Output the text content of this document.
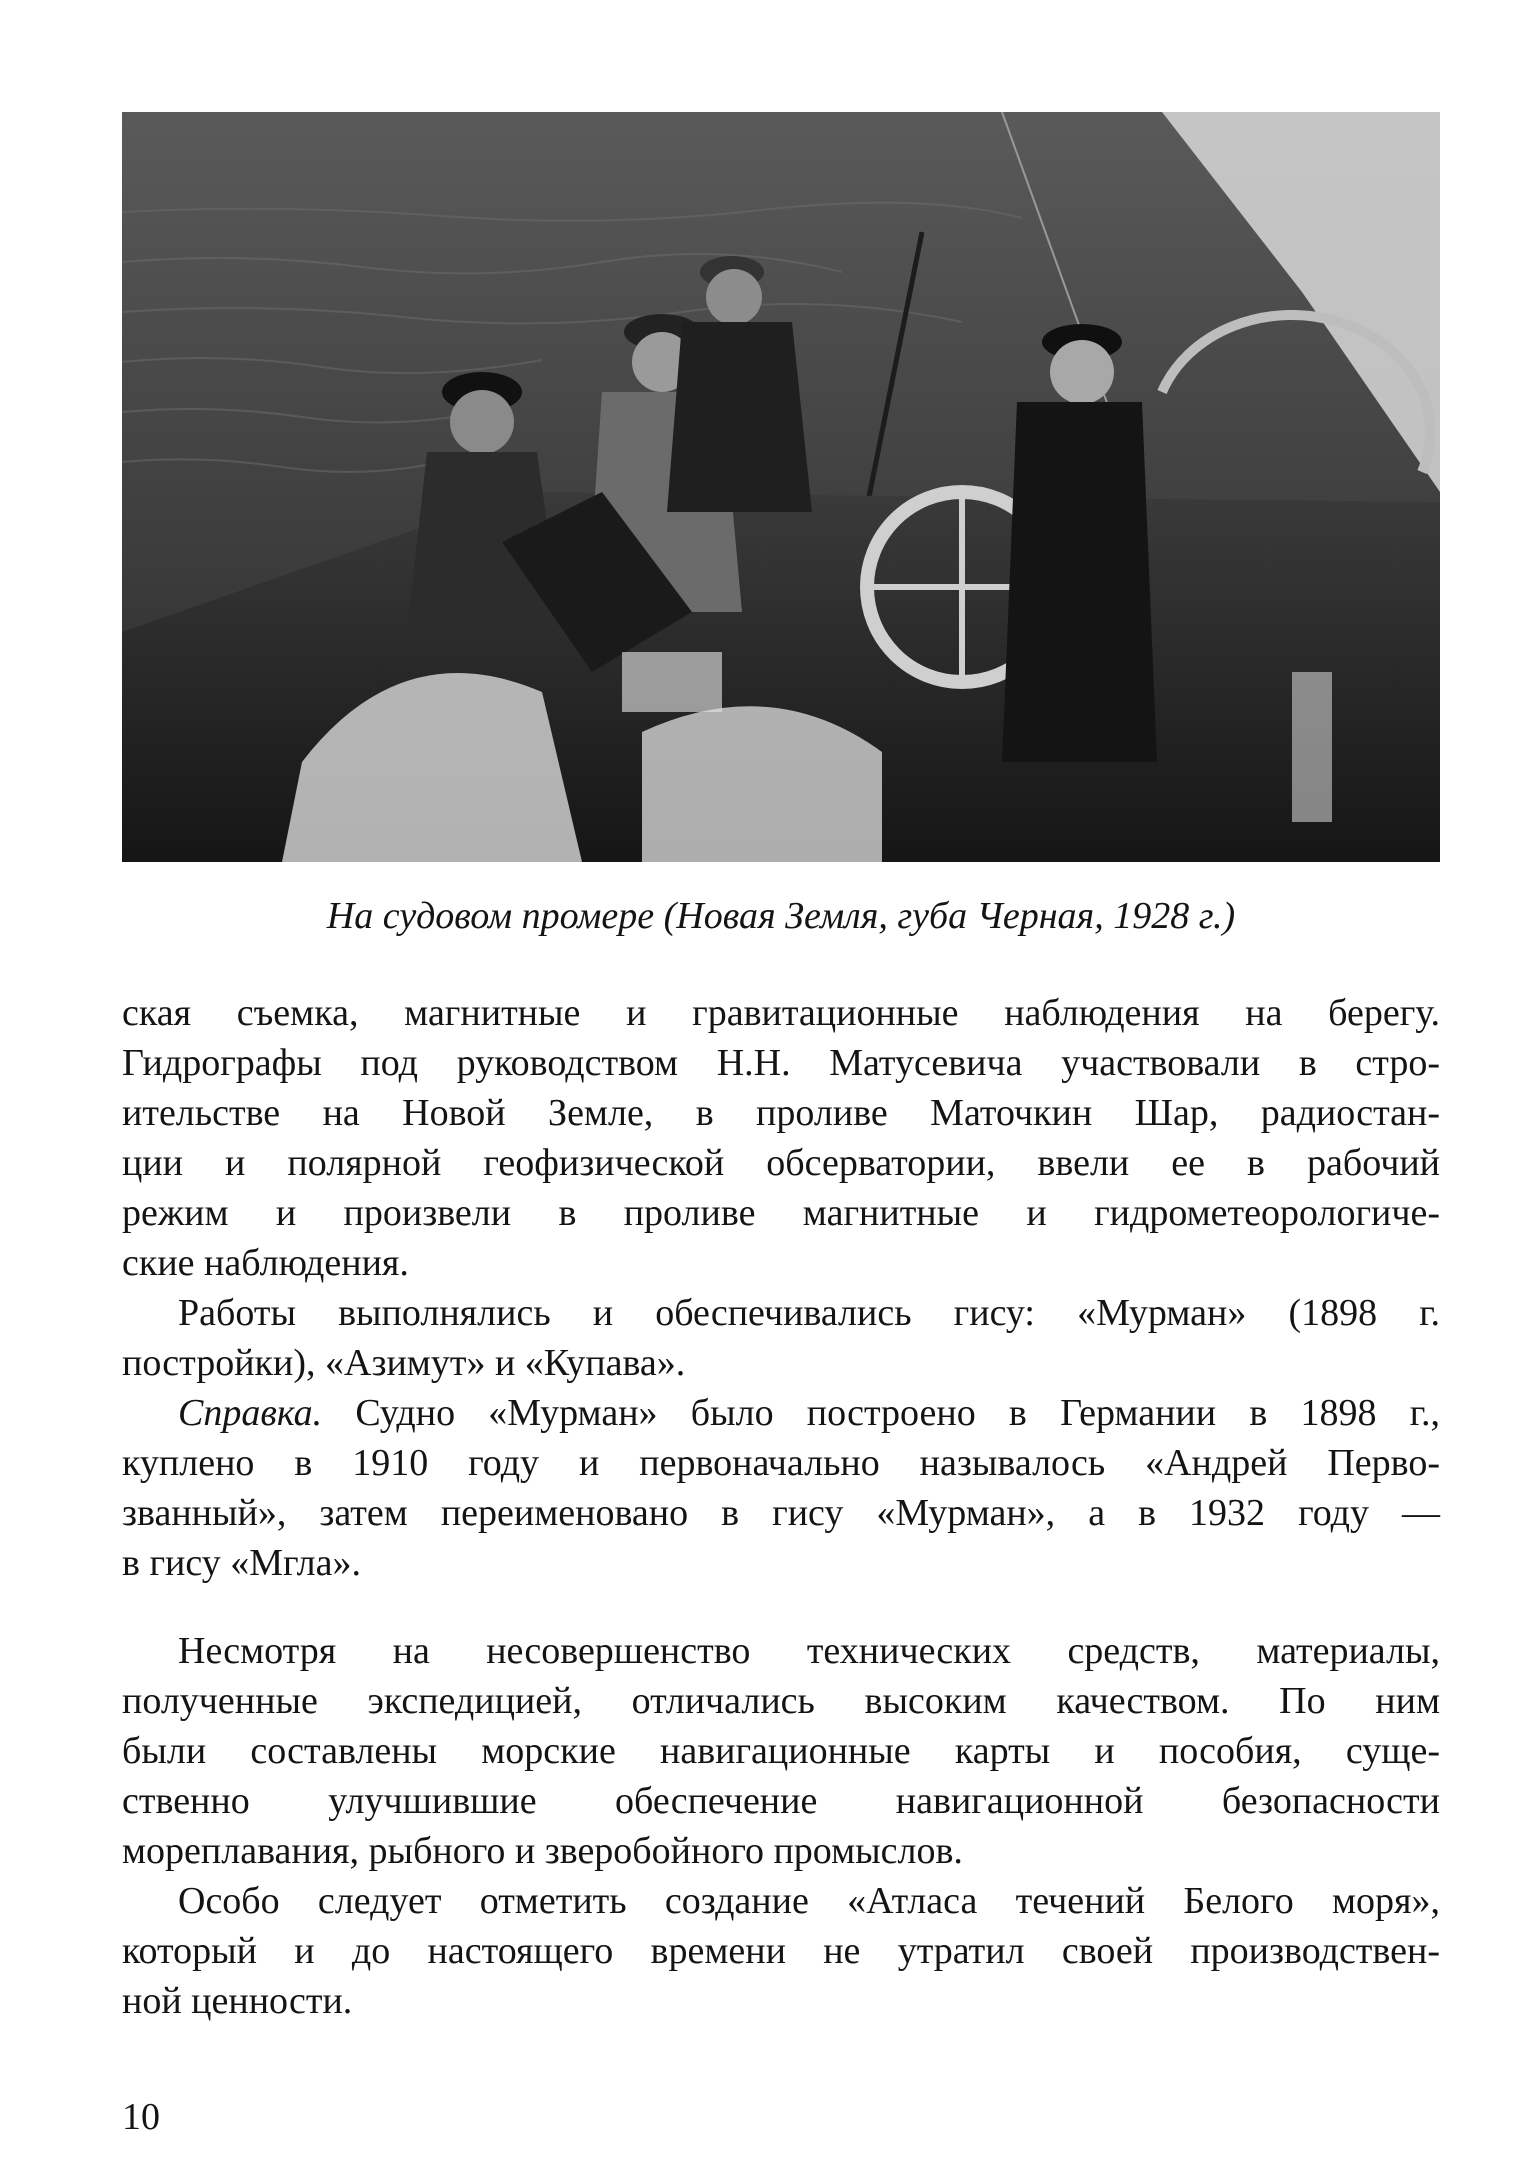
На судовом промере (Новая Земля, губа Черная, 1928 г.)
ская съемка, магнитные и гравитационные наблюдения на берегу.
Гидрографы под руководством Н.Н. Матусевича участвовали в стро-
ительстве на Новой Земле, в проливе Маточкин Шар, радиостан-
ции и полярной геофизической обсерватории, ввели ее в рабочий
режим и произвели в проливе магнитные и гидрометеорологиче-
ские наблюдения.
Работы выполнялись и обеспечивались гису: «Мурман» (1898 г.
постройки), «Азимут» и «Купава».
Справка. Судно «Мурман» было построено в Германии в 1898 г.,
куплено в 1910 году и первоначально называлось «Андрей Перво-
званный», затем переименовано в гису «Мурман», а в 1932 году —
в гису «Мгла».
Несмотря на несовершенство технических средств, материалы,
полученные экспедицией, отличались высоким качеством. По ним
были составлены морские навигационные карты и пособия, суще-
ственно улучшившие обеспечение навигационной безопасности
мореплавания, рыбного и зверобойного промыслов.
Особо следует отметить создание «Атласа течений Белого моря»,
который и до настоящего времени не утратил своей производствен-
ной ценности.
10
